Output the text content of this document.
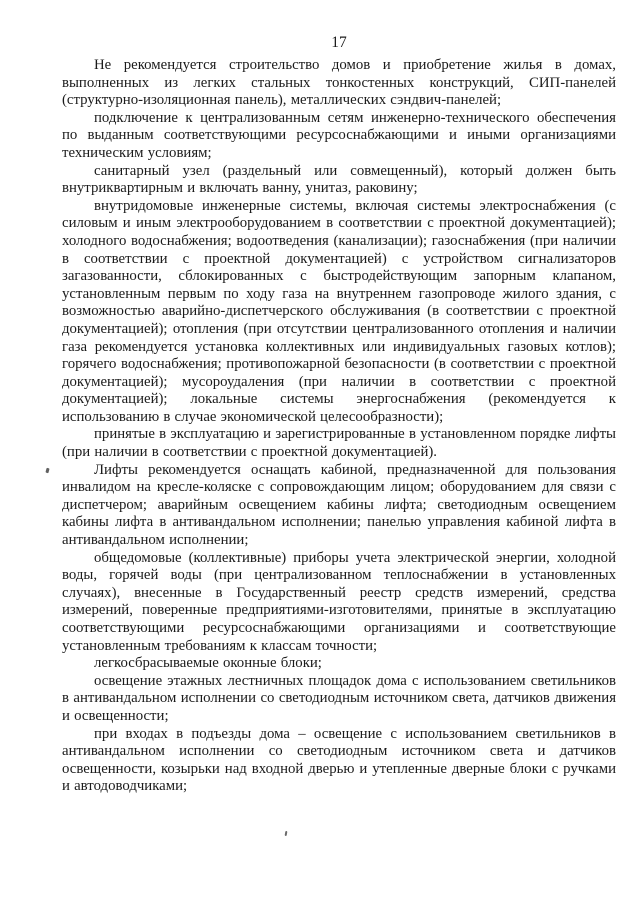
17

Не рекомендуется строительство домов и приобретение жилья в домах, выполненных из легких стальных тонкостенных конструкций, СИП-панелей (структурно-изоляционная панель), металлических сэндвич-панелей;

подключение к централизованным сетям инженерно-технического обеспечения по выданным соответствующими ресурсоснабжающими и иными организациями техническим условиям;

санитарный узел (раздельный или совмещенный), который должен быть внутриквартирным и включать ванну, унитаз, раковину;

внутридомовые инженерные системы, включая системы электроснабжения (с силовым и иным электрооборудованием в соответствии с проектной документацией); холодного водоснабжения; водоотведения (канализации); газоснабжения (при наличии в соответствии с проектной документацией) с устройством сигнализаторов загазованности, сблокированных с быстродействующим запорным клапаном, установленным первым по ходу газа на внутреннем газопроводе жилого здания, с возможностью аварийно-диспетчерского обслуживания (в соответствии с проектной документацией); отопления (при отсутствии централизованного отопления и наличии газа рекомендуется установка коллективных или индивидуальных газовых котлов); горячего водоснабжения; противопожарной безопасности (в соответствии с проектной документацией); мусороудаления (при наличии в соответствии с проектной документацией); локальные системы энергоснабжения (рекомендуется к использованию в случае экономической целесообразности);

принятые в эксплуатацию и зарегистрированные в установленном порядке лифты (при наличии в соответствии с проектной документацией).

Лифты рекомендуется оснащать кабиной, предназначенной для пользования инвалидом на кресле-коляске с сопровождающим лицом; оборудованием для связи с диспетчером; аварийным освещением кабины лифта; светодиодным освещением кабины лифта в антивандальном исполнении; панелью управления кабиной лифта в антивандальном исполнении;

общедомовые (коллективные) приборы учета электрической энергии, холодной воды, горячей воды (при централизованном теплоснабжении в установленных случаях), внесенные в Государственный реестр средств измерений, средства измерений, поверенные предприятиями-изготовителями, принятые в эксплуатацию соответствующими ресурсоснабжающими организациями и соответствующие установленным требованиям к классам точности;

легкосбрасываемые оконные блоки;

освещение этажных лестничных площадок дома с использованием светильников в антивандальном исполнении со светодиодным источником света, датчиков движения и освещенности;

при входах в подъезды дома – освещение с использованием светильников в антивандальном исполнении со светодиодным источником света и датчиков освещенности, козырьки над входной дверью и утепленные дверные блоки с ручками и автодоводчиками;
